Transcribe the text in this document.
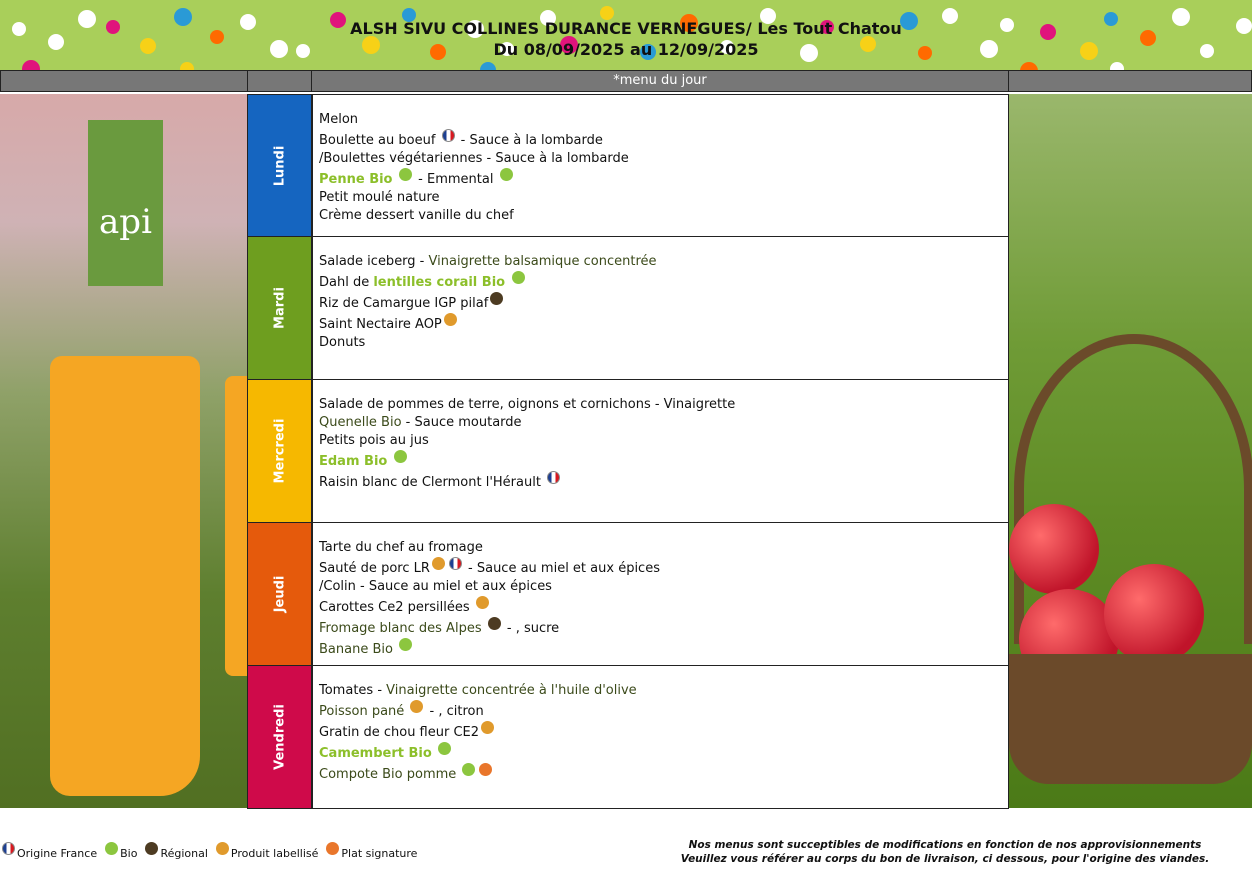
ALSH SIVU COLLINES DURANCE VERNEGUES/ Les Tout Chatou
Du 08/09/2025 au 12/09/2025
*menu du jour
api
Lundi
Melon
Boulette au boeuf  - Sauce à la lombarde
/Boulettes végétariennes - Sauce à la lombarde
Penne Bio  - Emmental
Petit moulé nature
Crème dessert vanille du chef
Mardi
Salade iceberg - Vinaigrette balsamique concentrée
Dahl de lentilles corail Bio
Riz de Camargue IGP pilaf
Saint Nectaire AOP
Donuts
Mercredi
Salade de pommes de terre, oignons et cornichons - Vinaigrette
Quenelle Bio - Sauce moutarde
Petits pois au jus
Edam Bio
Raisin blanc de Clermont l'Hérault
Jeudi
Tarte du chef au fromage
Sauté de porc LR	- Sauce au miel et aux épices
/Colin - Sauce au miel et aux épices
Carottes Ce2 persillées
Fromage blanc des Alpes  - , sucre
Banane Bio
Vendredi
Tomates - Vinaigrette concentrée à l'huile d'olive
Poisson pané  - , citron
Gratin de chou fleur CE2
Camembert Bio
Compote Bio pomme
Origine France Bio Régional Produit labellisé Plat signature
Nos menus sont succeptibles de modifications en fonction de nos approvisionnements
Veuillez vous référer au corps du bon de livraison, ci dessous, pour l'origine des viandes.
